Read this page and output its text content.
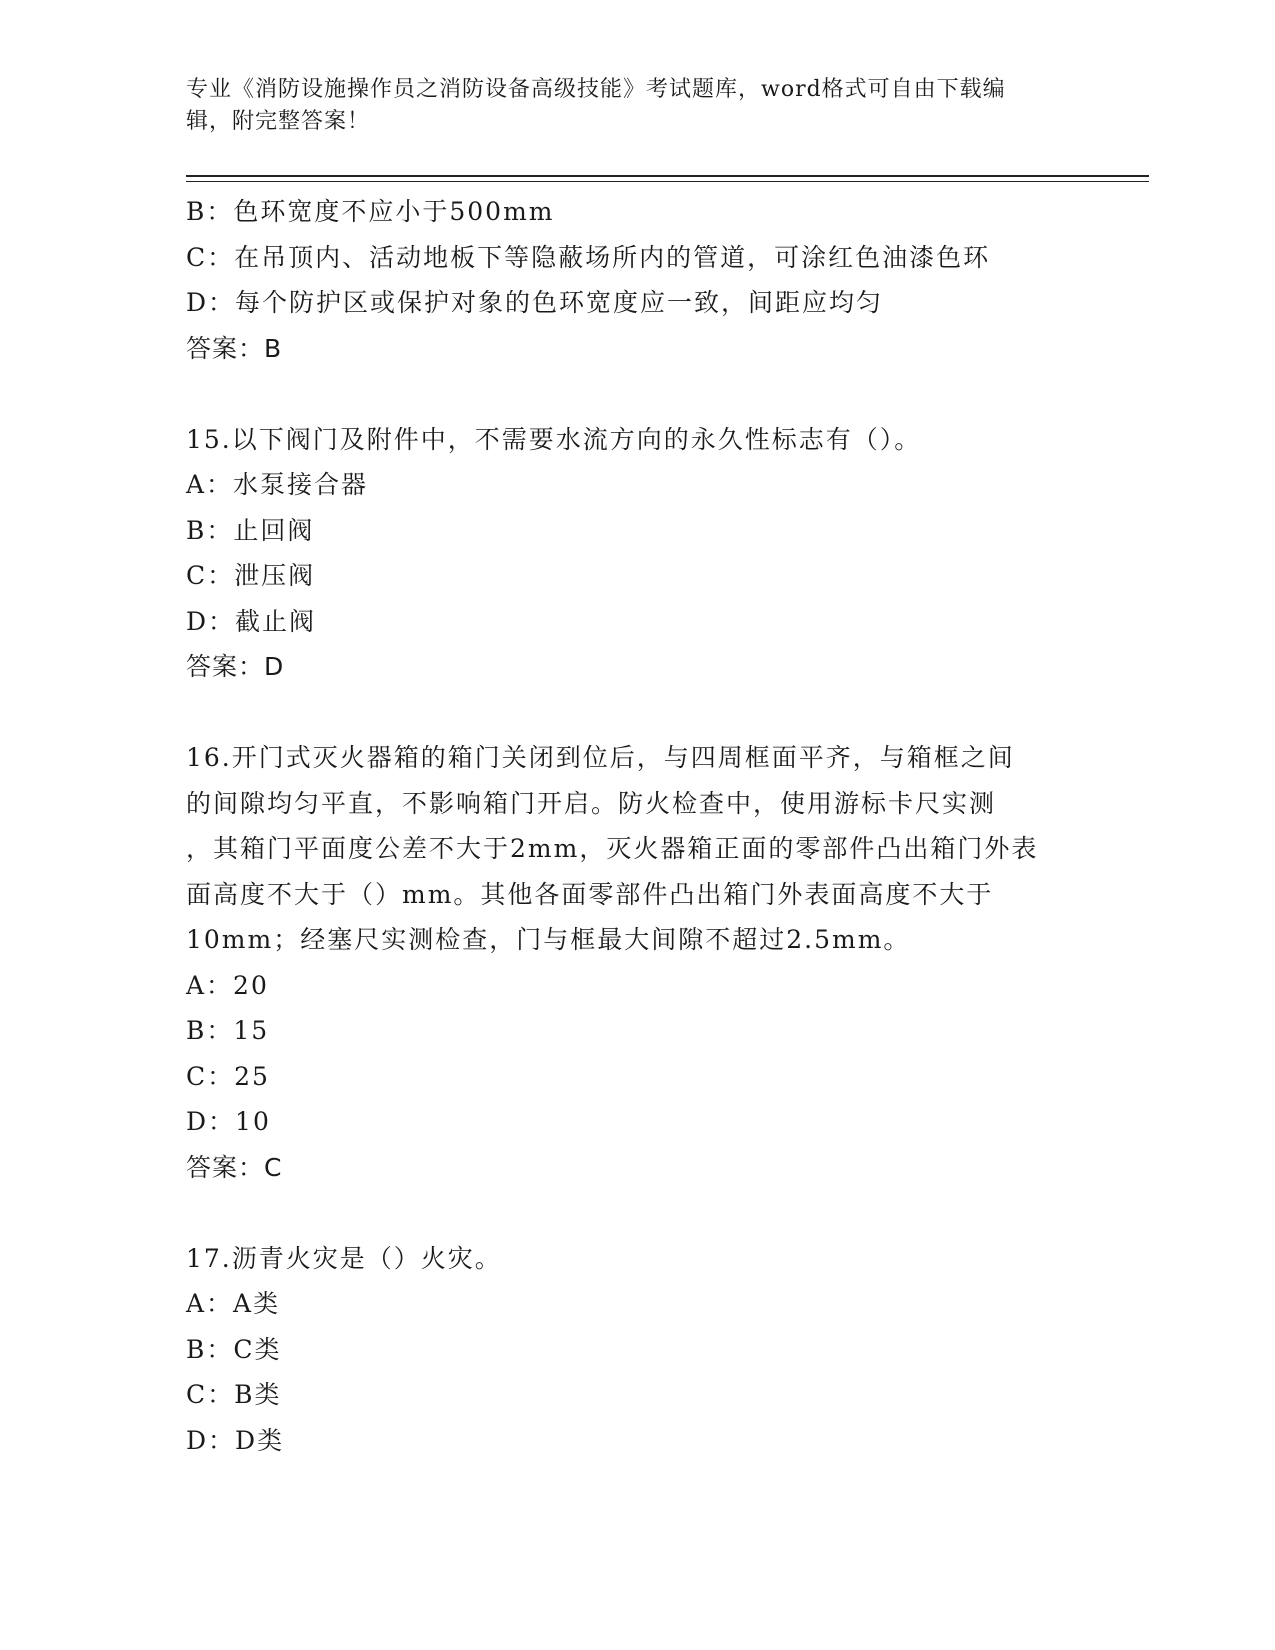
专业《消防设施操作员之消防设备高级技能》考试题库，word格式可自由下载编
辑，附完整答案！
B：色环宽度不应小于500mm
C：在吊顶内、活动地板下等隐蔽场所内的管道，可涂红色油漆色环
D：每个防护区或保护对象的色环宽度应一致，间距应均匀
答案：B
15.以下阀门及附件中，不需要水流方向的永久性标志有（）。
A：水泵接合器
B：止回阀
C：泄压阀
D：截止阀
答案：D
16.开门式灭火器箱的箱门关闭到位后，与四周框面平齐，与箱框之间
的间隙均匀平直，不影响箱门开启。防火检查中，使用游标卡尺实测
，其箱门平面度公差不大于2mm，灭火器箱正面的零部件凸出箱门外表
面高度不大于（）mm。其他各面零部件凸出箱门外表面高度不大于
10mm；经塞尺实测检查，门与框最大间隙不超过2.5mm。
A：20
B：15
C：25
D：10
答案：C
17.沥青火灾是（）火灾。
A：A类
B：C类
C：B类
D：D类
